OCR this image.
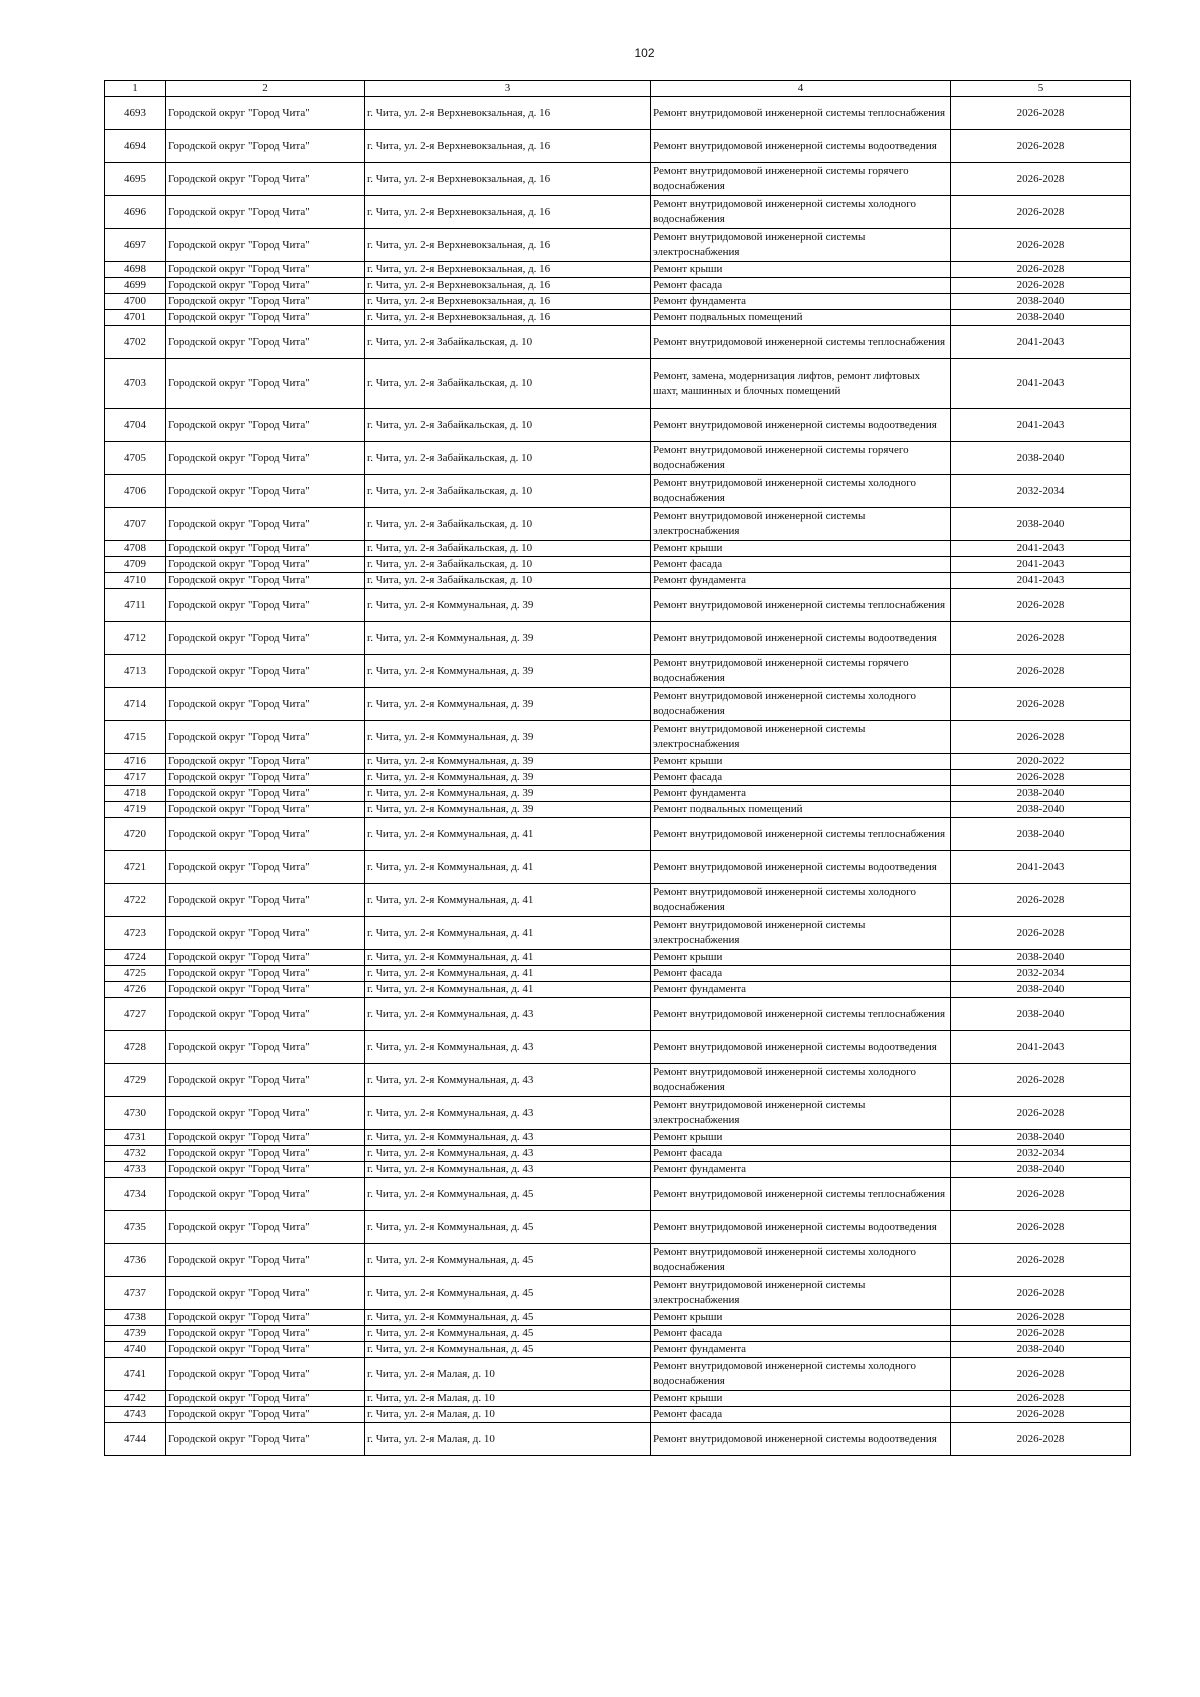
102
1	2	3	4	5
4693	Городской округ "Город Чита"	г. Чита, ул. 2-я Верхневокзальная, д. 16	Ремонт внутридомовой инженерной системы теплоснабжения	2026-2028
4694	Городской округ "Город Чита"	г. Чита, ул. 2-я Верхневокзальная, д. 16	Ремонт внутридомовой инженерной системы водоотведения	2026-2028
4695	Городской округ "Город Чита"	г. Чита, ул. 2-я Верхневокзальная, д. 16	Ремонт внутридомовой инженерной системы горячего водоснабжения	2026-2028
4696	Городской округ "Город Чита"	г. Чита, ул. 2-я Верхневокзальная, д. 16	Ремонт внутридомовой инженерной системы холодного водоснабжения	2026-2028
4697	Городской округ "Город Чита"	г. Чита, ул. 2-я Верхневокзальная, д. 16	Ремонт внутридомовой инженерной системы электроснабжения	2026-2028
4698	Городской округ "Город Чита"	г. Чита, ул. 2-я Верхневокзальная, д. 16	Ремонт крыши	2026-2028
4699	Городской округ "Город Чита"	г. Чита, ул. 2-я Верхневокзальная, д. 16	Ремонт фасада	2026-2028
4700	Городской округ "Город Чита"	г. Чита, ул. 2-я Верхневокзальная, д. 16	Ремонт фундамента	2038-2040
4701	Городской округ "Город Чита"	г. Чита, ул. 2-я Верхневокзальная, д. 16	Ремонт подвальных помещений	2038-2040
4702	Городской округ "Город Чита"	г. Чита, ул. 2-я Забайкальская, д. 10	Ремонт внутридомовой инженерной системы теплоснабжения	2041-2043
4703	Городской округ "Город Чита"	г. Чита, ул. 2-я Забайкальская, д. 10	Ремонт, замена, модернизация лифтов, ремонт лифтовых шахт, машинных и блочных помещений	2041-2043
4704	Городской округ "Город Чита"	г. Чита, ул. 2-я Забайкальская, д. 10	Ремонт внутридомовой инженерной системы водоотведения	2041-2043
4705	Городской округ "Город Чита"	г. Чита, ул. 2-я Забайкальская, д. 10	Ремонт внутридомовой инженерной системы горячего водоснабжения	2038-2040
4706	Городской округ "Город Чита"	г. Чита, ул. 2-я Забайкальская, д. 10	Ремонт внутридомовой инженерной системы холодного водоснабжения	2032-2034
4707	Городской округ "Город Чита"	г. Чита, ул. 2-я Забайкальская, д. 10	Ремонт внутридомовой инженерной системы электроснабжения	2038-2040
4708	Городской округ "Город Чита"	г. Чита, ул. 2-я Забайкальская, д. 10	Ремонт крыши	2041-2043
4709	Городской округ "Город Чита"	г. Чита, ул. 2-я Забайкальская, д. 10	Ремонт фасада	2041-2043
4710	Городской округ "Город Чита"	г. Чита, ул. 2-я Забайкальская, д. 10	Ремонт фундамента	2041-2043
4711	Городской округ "Город Чита"	г. Чита, ул. 2-я Коммунальная, д. 39	Ремонт внутридомовой инженерной системы теплоснабжения	2026-2028
4712	Городской округ "Город Чита"	г. Чита, ул. 2-я Коммунальная, д. 39	Ремонт внутридомовой инженерной системы водоотведения	2026-2028
4713	Городской округ "Город Чита"	г. Чита, ул. 2-я Коммунальная, д. 39	Ремонт внутридомовой инженерной системы горячего водоснабжения	2026-2028
4714	Городской округ "Город Чита"	г. Чита, ул. 2-я Коммунальная, д. 39	Ремонт внутридомовой инженерной системы холодного водоснабжения	2026-2028
4715	Городской округ "Город Чита"	г. Чита, ул. 2-я Коммунальная, д. 39	Ремонт внутридомовой инженерной системы электроснабжения	2026-2028
4716	Городской округ "Город Чита"	г. Чита, ул. 2-я Коммунальная, д. 39	Ремонт крыши	2020-2022
4717	Городской округ "Город Чита"	г. Чита, ул. 2-я Коммунальная, д. 39	Ремонт фасада	2026-2028
4718	Городской округ "Город Чита"	г. Чита, ул. 2-я Коммунальная, д. 39	Ремонт фундамента	2038-2040
4719	Городской округ "Город Чита"	г. Чита, ул. 2-я Коммунальная, д. 39	Ремонт подвальных помещений	2038-2040
4720	Городской округ "Город Чита"	г. Чита, ул. 2-я Коммунальная, д. 41	Ремонт внутридомовой инженерной системы теплоснабжения	2038-2040
4721	Городской округ "Город Чита"	г. Чита, ул. 2-я Коммунальная, д. 41	Ремонт внутридомовой инженерной системы водоотведения	2041-2043
4722	Городской округ "Город Чита"	г. Чита, ул. 2-я Коммунальная, д. 41	Ремонт внутридомовой инженерной системы холодного водоснабжения	2026-2028
4723	Городской округ "Город Чита"	г. Чита, ул. 2-я Коммунальная, д. 41	Ремонт внутридомовой инженерной системы электроснабжения	2026-2028
4724	Городской округ "Город Чита"	г. Чита, ул. 2-я Коммунальная, д. 41	Ремонт крыши	2038-2040
4725	Городской округ "Город Чита"	г. Чита, ул. 2-я Коммунальная, д. 41	Ремонт фасада	2032-2034
4726	Городской округ "Город Чита"	г. Чита, ул. 2-я Коммунальная, д. 41	Ремонт фундамента	2038-2040
4727	Городской округ "Город Чита"	г. Чита, ул. 2-я Коммунальная, д. 43	Ремонт внутридомовой инженерной системы теплоснабжения	2038-2040
4728	Городской округ "Город Чита"	г. Чита, ул. 2-я Коммунальная, д. 43	Ремонт внутридомовой инженерной системы водоотведения	2041-2043
4729	Городской округ "Город Чита"	г. Чита, ул. 2-я Коммунальная, д. 43	Ремонт внутридомовой инженерной системы холодного водоснабжения	2026-2028
4730	Городской округ "Город Чита"	г. Чита, ул. 2-я Коммунальная, д. 43	Ремонт внутридомовой инженерной системы электроснабжения	2026-2028
4731	Городской округ "Город Чита"	г. Чита, ул. 2-я Коммунальная, д. 43	Ремонт крыши	2038-2040
4732	Городской округ "Город Чита"	г. Чита, ул. 2-я Коммунальная, д. 43	Ремонт фасада	2032-2034
4733	Городской округ "Город Чита"	г. Чита, ул. 2-я Коммунальная, д. 43	Ремонт фундамента	2038-2040
4734	Городской округ "Город Чита"	г. Чита, ул. 2-я Коммунальная, д. 45	Ремонт внутридомовой инженерной системы теплоснабжения	2026-2028
4735	Городской округ "Город Чита"	г. Чита, ул. 2-я Коммунальная, д. 45	Ремонт внутридомовой инженерной системы водоотведения	2026-2028
4736	Городской округ "Город Чита"	г. Чита, ул. 2-я Коммунальная, д. 45	Ремонт внутридомовой инженерной системы холодного водоснабжения	2026-2028
4737	Городской округ "Город Чита"	г. Чита, ул. 2-я Коммунальная, д. 45	Ремонт внутридомовой инженерной системы электроснабжения	2026-2028
4738	Городской округ "Город Чита"	г. Чита, ул. 2-я Коммунальная, д. 45	Ремонт крыши	2026-2028
4739	Городской округ "Город Чита"	г. Чита, ул. 2-я Коммунальная, д. 45	Ремонт фасада	2026-2028
4740	Городской округ "Город Чита"	г. Чита, ул. 2-я Коммунальная, д. 45	Ремонт фундамента	2038-2040
4741	Городской округ "Город Чита"	г. Чита, ул. 2-я Малая, д. 10	Ремонт внутридомовой инженерной системы холодного водоснабжения	2026-2028
4742	Городской округ "Город Чита"	г. Чита, ул. 2-я Малая, д. 10	Ремонт крыши	2026-2028
4743	Городской округ "Город Чита"	г. Чита, ул. 2-я Малая, д. 10	Ремонт фасада	2026-2028
4744	Городской округ "Город Чита"	г. Чита, ул. 2-я Малая, д. 10	Ремонт внутридомовой инженерной системы водоотведения	2026-2028
